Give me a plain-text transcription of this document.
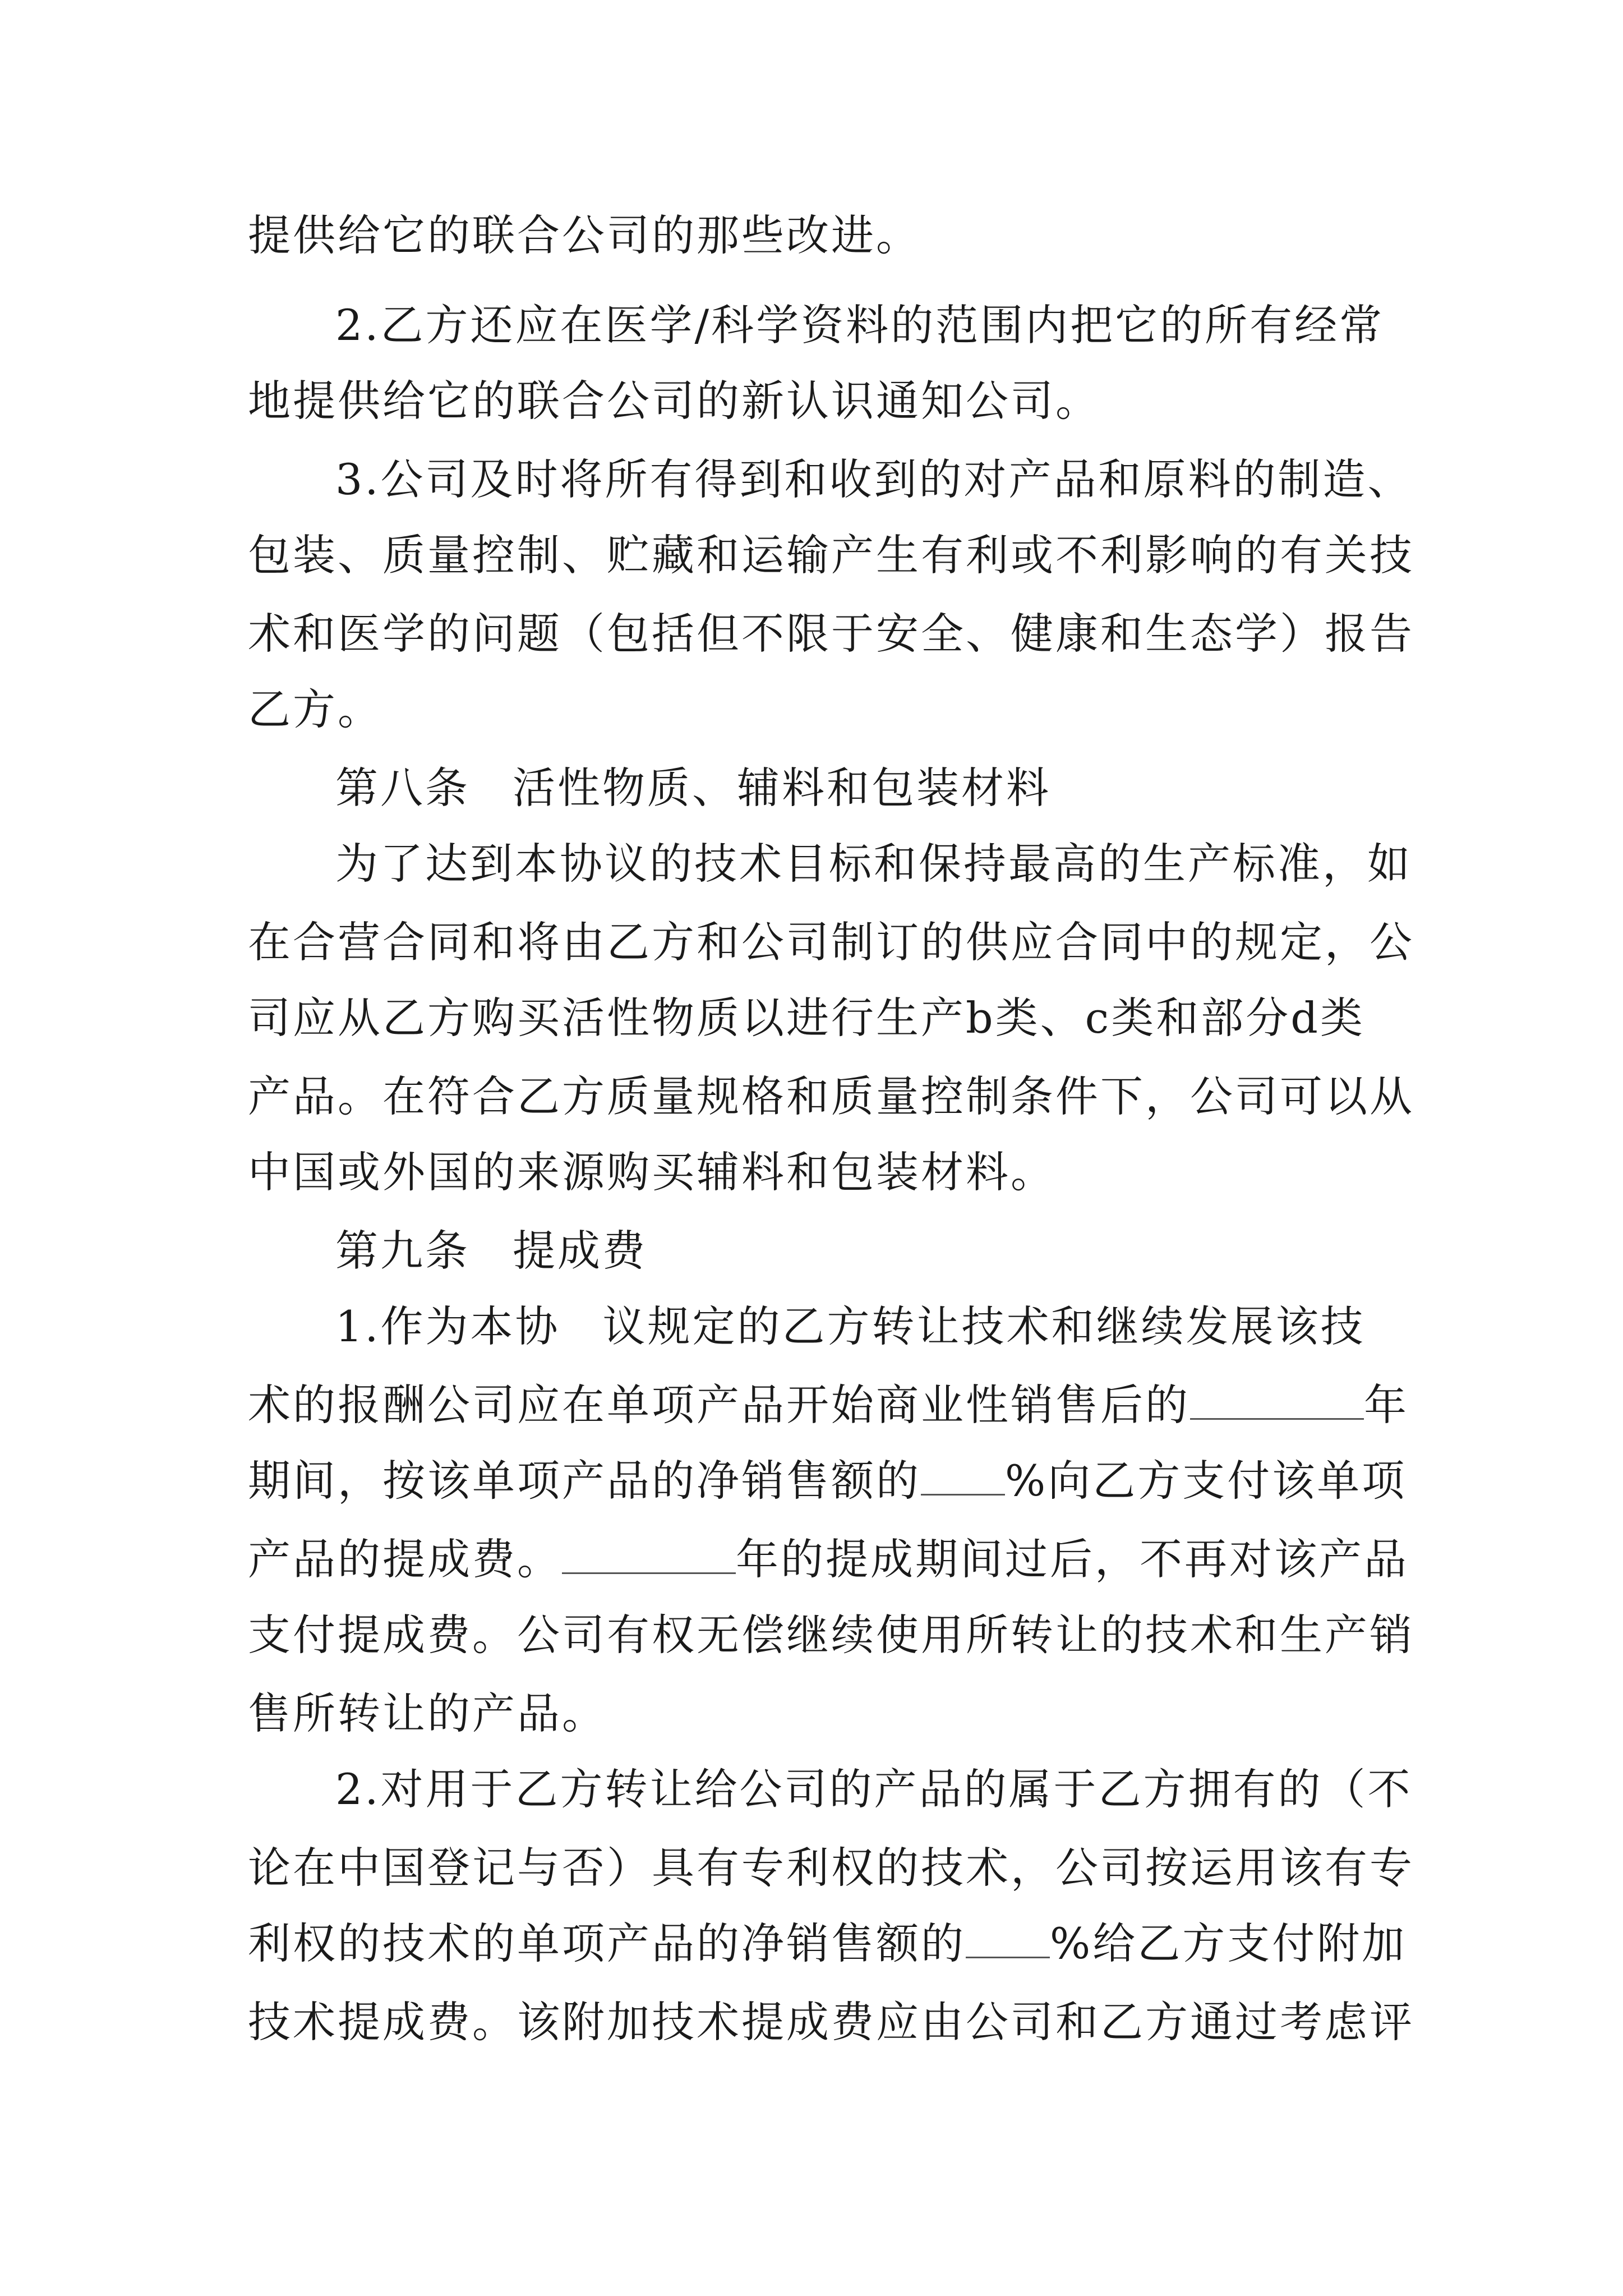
提供给它的联合公司的那些改进。
2.乙方还应在医学/科学资料的范围内把它的所有经常
地提供给它的联合公司的新认识通知公司。
3.公司及时将所有得到和收到的对产品和原料的制造、
包装、质量控制、贮藏和运输产生有利或不利影响的有关技
术和医学的问题（包括但不限于安全、健康和生态学）报告
乙方。
第八条 活性物质、辅料和包装材料
为了达到本协议的技术目标和保持最高的生产标准，如
在合营合同和将由乙方和公司制订的供应合同中的规定，公
司应从乙方购买活性物质以进行生产b类、c类和部分d类
产品。在符合乙方质量规格和质量控制条件下，公司可以从
中国或外国的来源购买辅料和包装材料。
第九条 提成费
1.作为本协 议规定的乙方转让技术和继续发展该技
术的报酬公司应在单项产品开始商业性销售后的	年
期间，按该单项产品的净销售额的 %向乙方支付该单项
产品的提成费。	年的提成期间过后，不再对该产品
支付提成费。公司有权无偿继续使用所转让的技术和生产销
售所转让的产品。
2.对用于乙方转让给公司的产品的属于乙方拥有的（不
论在中国登记与否）具有专利权的技术，公司按运用该有专
利权的技术的单项产品的净销售额的 %给乙方支付附加
技术提成费。该附加技术提成费应由公司和乙方通过考虑评
